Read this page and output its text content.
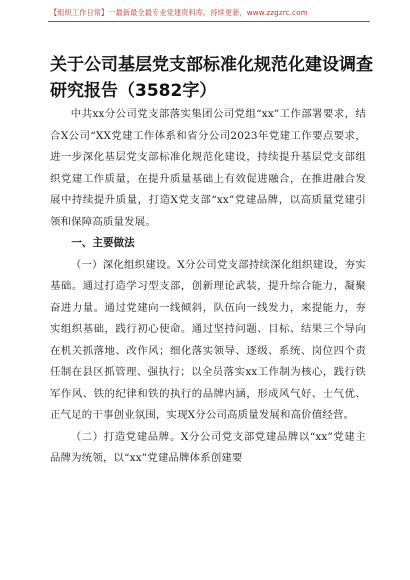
【组织工作日常】一最新最全最专业党建资料库，持续更新，www.zzgzrc.com
关于公司基层党支部标准化规范化建设调查研究报告（3582字）

中共xx分公司党支部落实集团公司党组“xx”工作部署要求，结合X公司“XX党建工作体系和省分公司2023年党建工作要点要求，进一步深化基层党支部标准化规范化建设，持续提升基层党支部组织党建工作质量，在提升质量基础上有效促进融合，在推进融合发展中持续提升质量，打造X党支部“xx”党建品牌，以高质量党建引领和保障高质量发展。

一、主要做法

（一）深化组织建设。X分公司党支部持续深化组织建设，夯实基础。通过打造学习型支部，创新理论武装，提升综合能力，凝聚奋进力量。通过党建向一线倾斜，队伍向一线发力，来提能力，夯实组织基础，践行初心使命。通过坚持问题、目标、结果三个导向在机关抓落地、改作风；细化落实领导、逐级、系统、岗位四个责任制在县区抓管理、强执行；以全员落实xx工作制为核心，践行铁军作风、铁的纪律和铁的执行的品牌内涵，形成风气好、士气优、正气足的干事创业氛围，实现X分公司高质量发展和高价值经营。

（二）打造党建品牌。X分公司党支部党建品牌以“xx”党建主品牌为统领，以“xx”党建品牌体系创建要
